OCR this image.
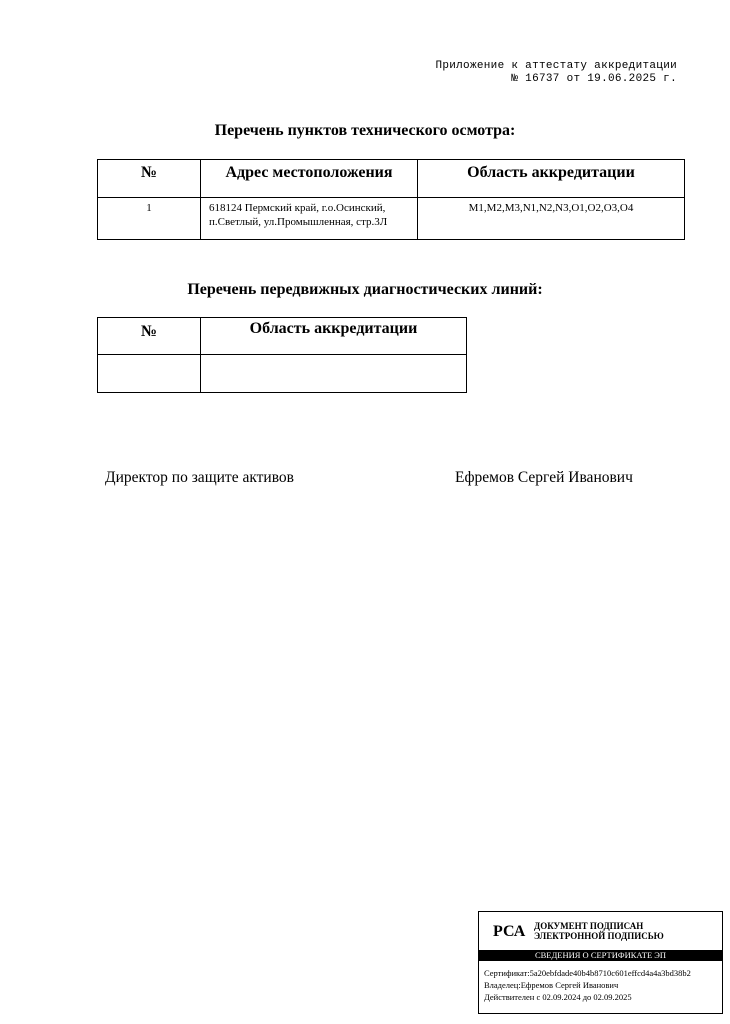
Приложение к аттестату аккредитации
№ 16737 от 19.06.2025 г.
Перечень пунктов технического осмотра:
№	Адрес местоположения	Область аккредитации
1	618124 Пермский край, г.о.Осинский, п.Светлый, ул.Промышленная, стр.3Л	M1,M2,M3,N1,N2,N3,O1,O2,O3,O4
Перечень передвижных диагностических линий:
№	Область аккредитации

Директор по защите активов	Ефремов Сергей Иванович
РСА ДОКУМЕНТ ПОДПИСАН
ЭЛЕКТРОННОЙ ПОДПИСЬЮ
СВЕДЕНИЯ О СЕРТИФИКАТЕ ЭП
Сертификат:5a20ebfdade40b4b8710c601effcd4a4a3bd38b2
Владелец:Ефремов Сергей Иванович
Действителен с 02.09.2024 до 02.09.2025
